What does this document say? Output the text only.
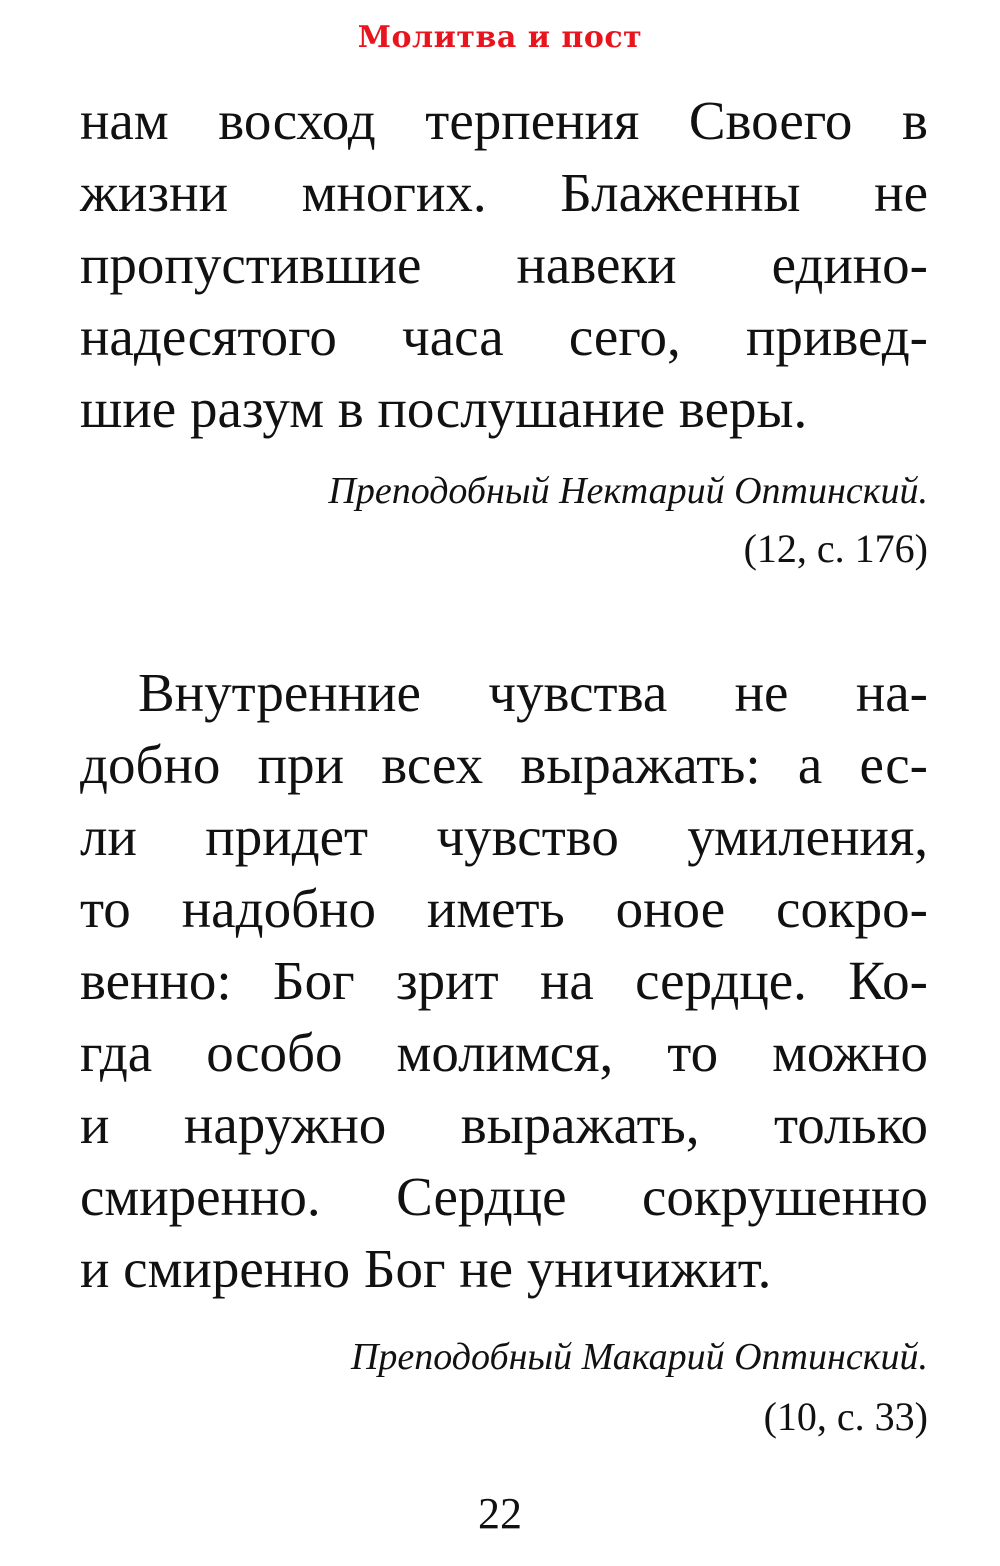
Молитва и пост
нам восход терпения Своего в
жизни многих. Блаженны не
пропустившие навеки едино-
надесятого часа сего, привед-
шие разум в послушание веры.
Преподобный Нектарий Оптинский.
(12, с. 176)
Внутренние чувства не на-
добно при всех выражать: а ес-
ли придет чувство умиления,
то надобно иметь оное сокро-
венно: Бог зрит на сердце. Ко-
гда особо молимся, то можно
и наружно выражать, только
смиренно. Сердце сокрушенно
и смиренно Бог не уничижит.
Преподобный Макарий Оптинский.
(10, с. 33)
22
